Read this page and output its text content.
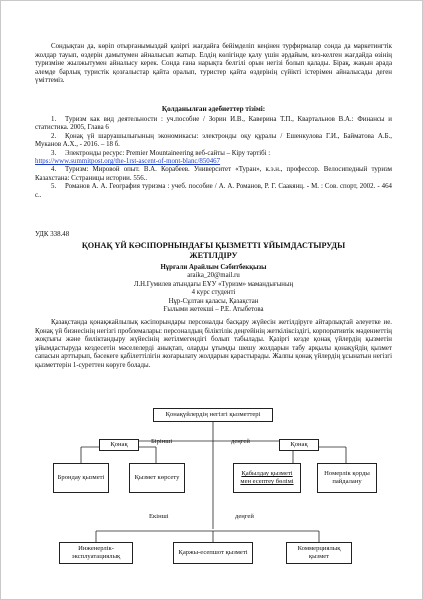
Сондықтан да, көріп отырғанымыздай қазіргі жағдайға бейімделіп кеңінен турфирмалар сонда да маркетингтік жолдар тауып, өздерін дамытумен айналысып жатыр. Елдің көлігінде қалу үшін әрдайым, кез-келген жағдайда өзінің туризміне жылжытумен айналысу керек. Сонда ғана нарықта белгілі орын негізі болып қалады. Бірақ, жақын арада әлемде барлық туристік қозғалыстар қайта оралып, туристер қайта өздерінің сүйікті істерімен айналысады деген үміттеміз.

Қолданылған әдебиеттер тізімі:

1. Туризм как вид деятельности : уч.пособие / Зорин И.В., Каверина Т.П., Квартальнов В.А.: Финансы и статистика. 2005, Глава 6

2. Қонақ үй шаруашылығының экономикасы: электронды оқу құралы / Ешенкулова Г.И., Байматова А.Б., Муканов А.Х., - 2016. – 18 б.

3. Электронды ресурс: Premier Mountaineering веб-сайты – Кіру тәртібі :
https://www.summitpost.org/the-1rst-ascent-of-mont-blanc/850467

4. Туризм: Мировой опыт. В.А. Корабеев. Университет «Туран», к.э.н., профессор. Велосипедный туризм Казахстана: Сстраницы истории. 556..

5. Романов А. А. География туризма : учеб. пособие / А. А. Романов, Р. Г. Саакянц. - М. : Сов. спорт, 2002. - 464 с..

УДК 338.48

ҚОНАҚ ҮЙ КӘСІПОРНЫНДАҒЫ ҚЫЗМЕТТІ ҰЙЫМДАСТЫРУДЫ ЖЕТІЛДІРУ

Нұрғали Арайлым Сәбитбекқызы

araika_20@mail.ru

Л.Н.Гумилев атындағы ЕҰУ «Туризм» мамандығының

4 курс студенті

Нұр-Сұлтан қаласы, Қазақстан

Ғылыми жетекші – Р.Е. Атыбетова

Қазақстанда қонақжайлылық кәсіпорындары персоналды басқару жүйесін жетілдіруге айтарлықтай әлеуетке ие. Қонақ үй бизнесінің негізгі проблемалары: персоналдың біліктілік деңгейінің жеткіліксіздігі, корпоративтік мәдениеттің жоқтығы және биліктандыру жүйесінің жетілмегендігі болып табылады. Қазіргі кезде қонақ үйлердің қызметін ұйымдастыруда кездесетін мәселелерді анықтап, оларды ұтымды шешу жолдарын табу арқылы қонақүйдің қызмет сапасын арттырып, бәсекеге қабілеттілігін жоғарылату жолдарын қарастырады. Жалпы қонақ үйлердің ұсынатын негізгі қызметтерін 1-суреттен көруге болады.

Қонақүйлердің негізгі қызметтері
Қонақ	Бірінші	деңгей	Қонақ
Брондау қызметі	Қызмет көрсету
Қабылдау қызметі мен есептеу бөлімі
Номерлік қорды пайдалану
Екінші	деңгей
Инженерлік-эксплуатациялық
Қаржы-есепшот қызметі
Коммерциялық қызмет
